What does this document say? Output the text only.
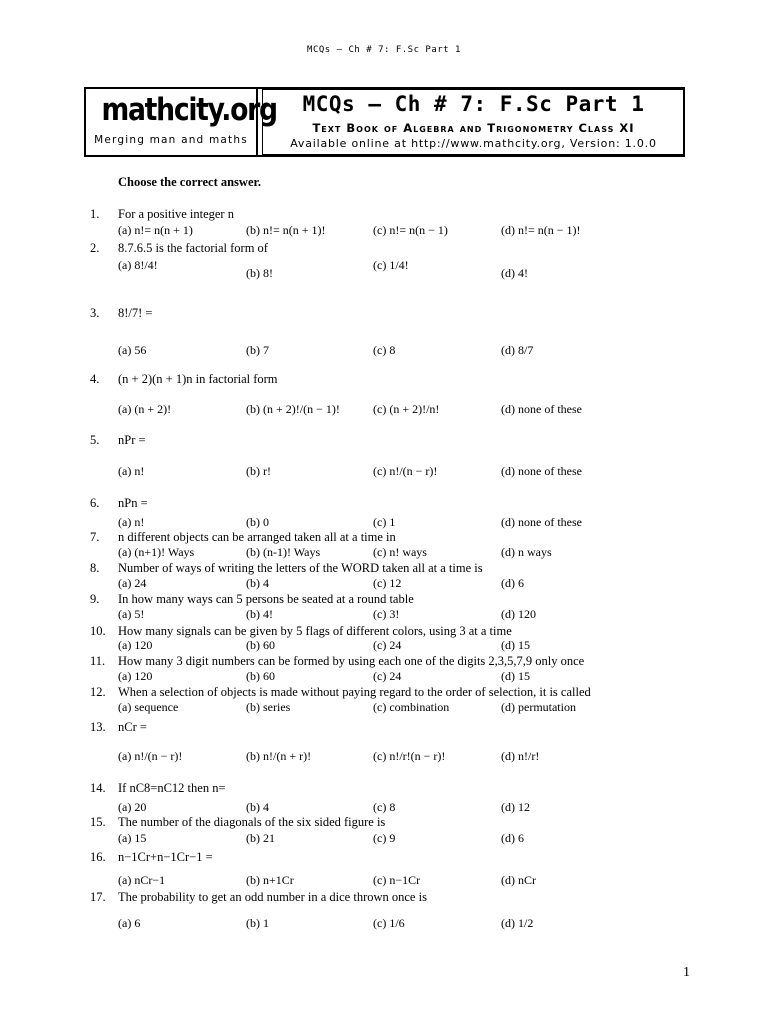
MCQs – Ch # 7: F.Sc Part 1
mathcity.org
Merging man and maths
MCQs – Ch # 7: F.Sc Part 1
Text Book of Algebra and Trigonometry Class XI
Available online at http://www.mathcity.org, Version: 1.0.0
Choose the correct answer.
1.	For a positive integer n
(a) n!= n(n + 1)	(b) n!= n(n + 1)!	(c) n!= n(n − 1)	(d) n!= n(n − 1)!
2.	8.7.6.5 is the factorial form of
(a) 8!/4!
(b) 8!
(c) 1/4!
(d) 4!
3.	8!/7! =
(a) 56	(b) 7	(c) 8	(d) 8/7
4.	(n + 2)(n + 1)n in factorial form
(a) (n + 2)!	(b) (n + 2)!/(n − 1)!	(c) (n + 2)!/n!	(d) none of these
5.	nPr =
(a) n!	(b) r!	(c) n!/(n − r)!	(d) none of these
6.	nPn =
(a) n!	(b) 0	(c) 1	(d) none of these
7.	n different objects can be arranged taken all at a time in
(a) (n+1)! Ways	(b) (n-1)! Ways	(c) n! ways	(d) n ways
8.	Number of ways of writing the letters of the WORD taken all at a time is
(a) 24	(b) 4	(c) 12	(d) 6
9.	In how many ways can 5 persons be seated at a round table
(a) 5!	(b) 4!	(c) 3!	(d) 120
10. How many signals can be given by 5 flags of different colors, using 3 at a time
(a) 120	(b) 60	(c) 24	(d) 15
11.	How many 3 digit numbers can be formed by using each one of the digits 2,3,5,7,9 only once
(a) 120	(b) 60	(c) 24	(d) 15
12. When a selection of objects is made without paying regard to the order of selection, it is called
(a) sequence	(b) series	(c) combination	(d) permutation
13. nCr =
(a) n!/(n − r)!	(b) n!/(n + r)!	(c) n!/r!(n − r)!	(d) n!/r!
14. If nC8=nC12 then n=
(a) 20	(b) 4	(c) 8	(d) 12
15. The number of the diagonals of the six sided figure is
(a) 15	(b) 21	(c) 9	(d) 6
16. n−1Cr+n−1Cr−1 =
(a) nCr−1	(b) n+1Cr	(c) n−1Cr	(d) nCr
17. The probability to get an odd number in a dice thrown once is
(a) 6	(b) 1	(c) 1/6	(d) 1/2
1
